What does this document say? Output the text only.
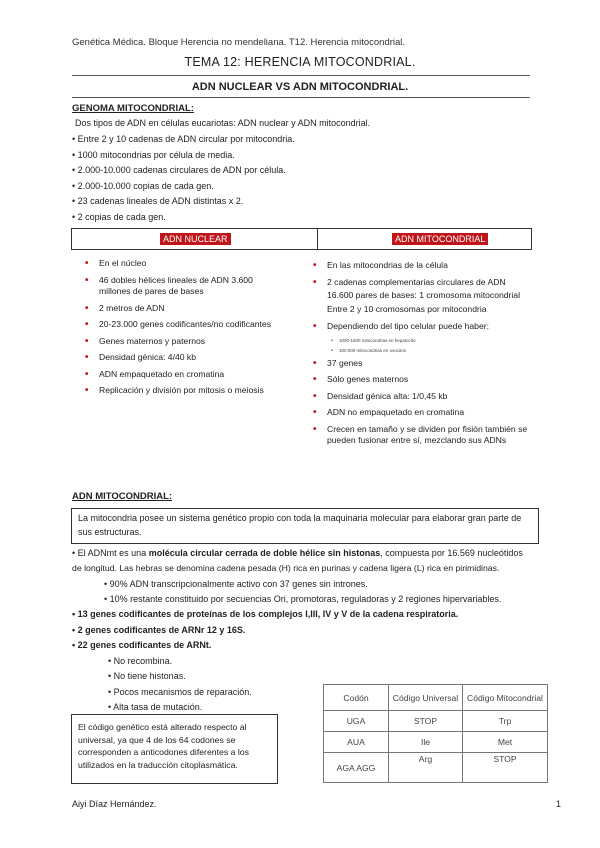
Genética Médica. Bloque Herencia no mendeliana. T12. Herencia mitocondrial.
TEMA 12: HERENCIA MITOCONDRIAL.
ADN NUCLEAR VS ADN MITOCONDRIAL.
GENOMA MITOCONDRIAL:
Dos tipos de ADN en células eucariotas: ADN nuclear y ADN mitocondrial.
• Entre 2 y 10 cadenas de ADN circular por mitocondria.
• 1000 mitocondrias por célula de media.
• 2.000-10.000 cadenas circulares de ADN por célula.
• 2.000-10.000 copias de cada gen.
• 23 cadenas lineales de ADN distintas x 2.
• 2 copias de cada gen.
ADN NUCLEAR	ADN MITOCONDRIAL
• En el núcleo
• 46 dobles hélices lineales de ADN 3.600 millones de pares de bases
• 2 metros de ADN
• 20-23.000 genes codificantes/no codificantes
• Genes maternos y paternos
• Densidad génica: 4/40 kb
• ADN empaquetado en cromatina
• Replicación y división por mitosis o meiosis
• En las mitocondrias de la célula
• 2 cadenas complementarias circulares de ADN
16.600 pares de bases: 1 cromosoma mitocondrial
Entre 2 y 10 cromosomas por mitocondria
• Dependiendo del tipo celular puede haber:
• 1000-1600 mitocondrias en hepatocito
• 100.000 mitocondrias en ovocitos
• 37 genes
• Sólo genes maternos
• Densidad génica alta: 1/0,45 kb
• ADN no empaquetado en cromatina
• Crecen en tamaño y se dividen por fisión también se pueden fusionar entre sí, mezclando sus ADNs
ADN MITOCONDRIAL:
La mitocondria posee un sistema genético propio con toda la maquinaria molecular para elaborar gran parte de sus estructuras.
• El ADNmt es una molécula circular cerrada de doble hélice sin histonas, compuesta por 16.569 nucleótidos
de longitud. Las hebras se denomina cadena pesada (H) rica en purinas y cadena ligera (L) rica en pirimidinas.
• 90% ADN transcripcionalmente activo con 37 genes sin intrones.
• 10% restante constituido por secuencias Ori, promotoras, reguladoras y 2 regiones hipervariables.
• 13 genes codificantes de proteínas de los complejos I,III, IV y V de la cadena respiratoria.
• 2 genes codificantes de ARNr 12 y 16S.
• 22 genes codificantes de ARNt.
• No recombina.
• No tiene histonas.
• Pocos mecanismos de reparación.
• Alta tasa de mutación.
El código genético está alterado respecto al universal, ya que 4 de los 64 codones se corresponden a anticodones diferentes a los utilizados en la traducción citoplasmática.
Codón	Código Universal	Código Mitocondrial
UGA	STOP	Trp
AUA	Ile	Met
AGA AGG	Arg	STOP
Aiyi Díaz Hernández.	1
